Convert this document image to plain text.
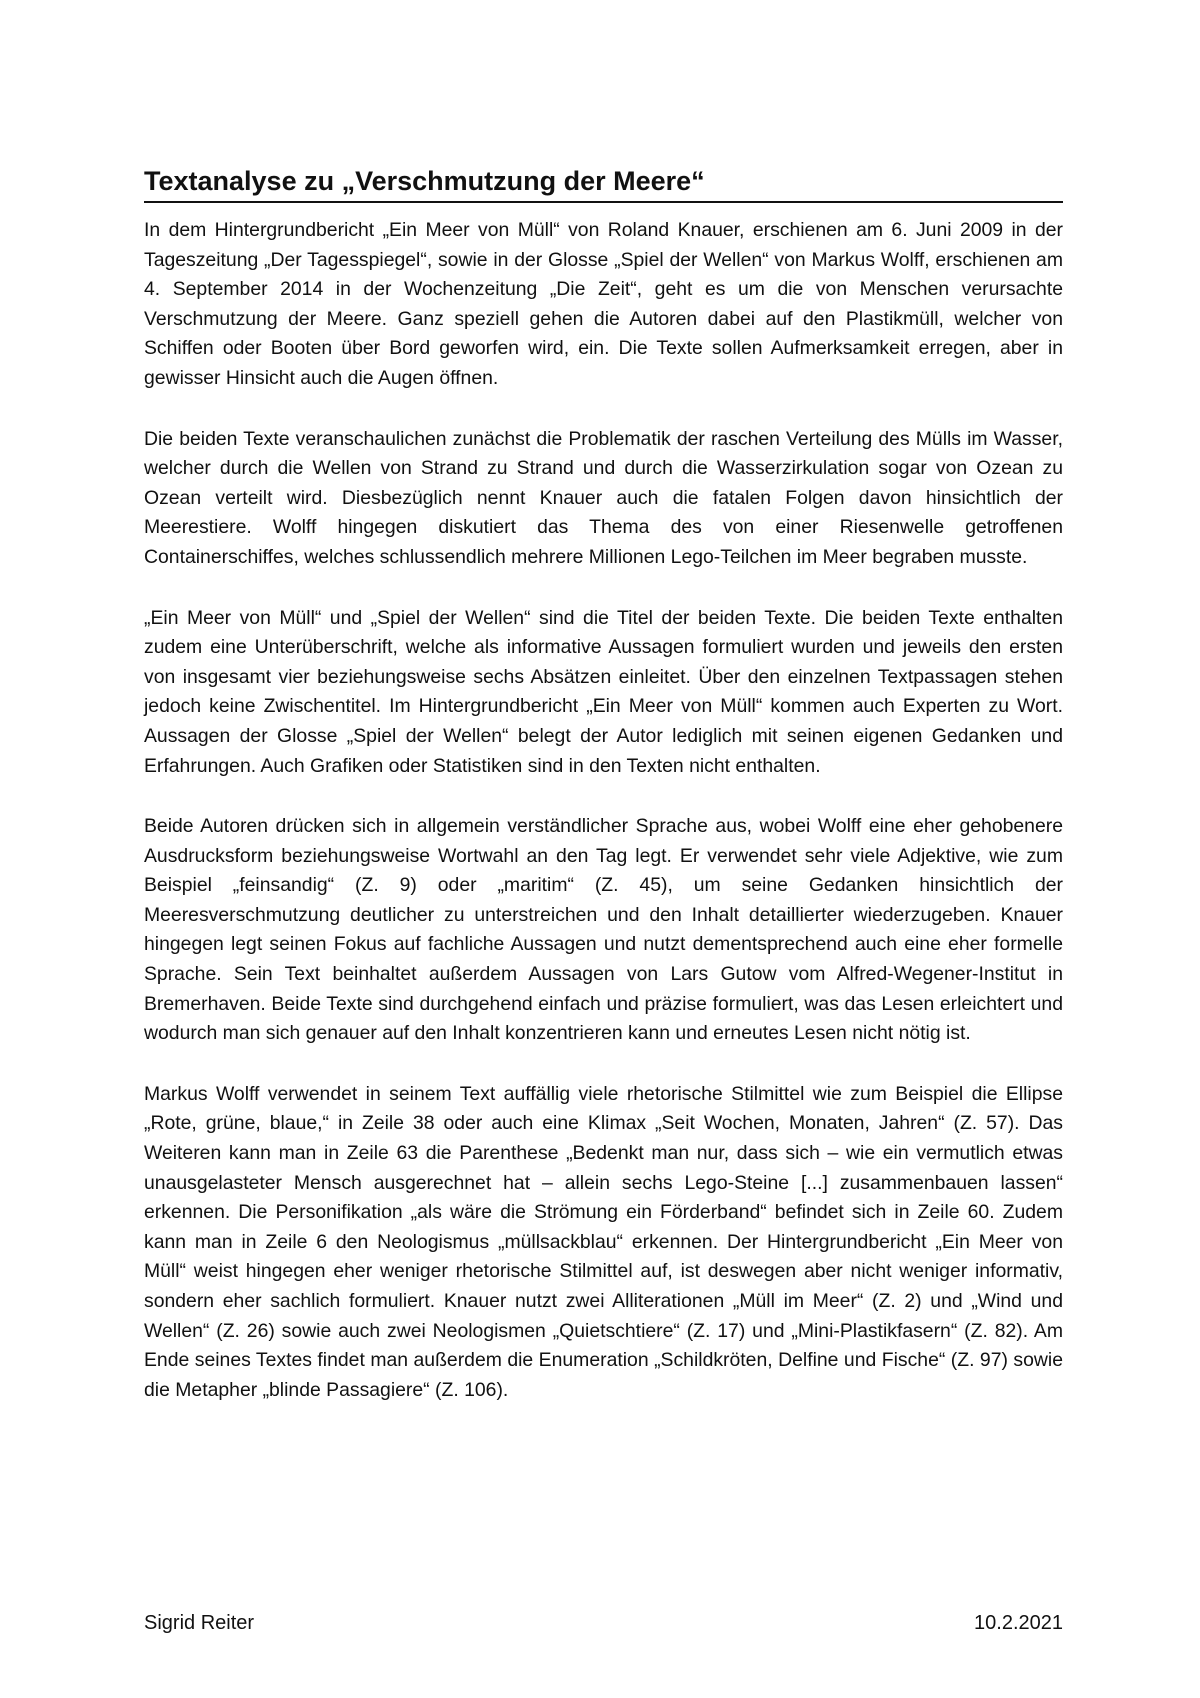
Textanalyse zu „Verschmutzung der Meere“

In dem Hintergrundbericht „Ein Meer von Müll“ von Roland Knauer, erschienen am 6. Juni 2009 in der Tageszeitung „Der Tagesspiegel“, sowie in der Glosse „Spiel der Wellen“ von Markus Wolff, erschienen am 4. September 2014 in der Wochenzeitung „Die Zeit“, geht es um die von Menschen verursachte Verschmutzung der Meere. Ganz speziell gehen die Autoren dabei auf den Plastikmüll, welcher von Schiffen oder Booten über Bord geworfen wird, ein. Die Texte sollen Aufmerksamkeit erregen, aber in gewisser Hinsicht auch die Augen öffnen.

Die beiden Texte veranschaulichen zunächst die Problematik der raschen Verteilung des Mülls im Wasser, welcher durch die Wellen von Strand zu Strand und durch die Wasserzirkulation sogar von Ozean zu Ozean verteilt wird. Diesbezüglich nennt Knauer auch die fatalen Folgen davon hinsichtlich der Meerestiere. Wolff hingegen diskutiert das Thema des von einer Riesenwelle getroffenen Containerschiffes, welches schlussendlich mehrere Millionen Lego-Teilchen im Meer begraben musste.

„Ein Meer von Müll“ und „Spiel der Wellen“ sind die Titel der beiden Texte. Die beiden Texte enthalten zudem eine Unterüberschrift, welche als informative Aussagen formuliert wurden und jeweils den ersten von insgesamt vier beziehungsweise sechs Absätzen einleitet. Über den einzelnen Textpassagen stehen jedoch keine Zwischentitel. Im Hintergrundbericht „Ein Meer von Müll“ kommen auch Experten zu Wort. Aussagen der Glosse „Spiel der Wellen“ belegt der Autor lediglich mit seinen eigenen Gedanken und Erfahrungen. Auch Grafiken oder Statistiken sind in den Texten nicht enthalten.

Beide Autoren drücken sich in allgemein verständlicher Sprache aus, wobei Wolff eine eher gehobenere Ausdrucksform beziehungsweise Wortwahl an den Tag legt. Er verwendet sehr viele Adjektive, wie zum Beispiel „feinsandig“ (Z. 9) oder „maritim“ (Z. 45), um seine Gedanken hinsichtlich der Meeresverschmutzung deutlicher zu unterstreichen und den Inhalt detaillierter wiederzugeben. Knauer hingegen legt seinen Fokus auf fachliche Aussagen und nutzt dementsprechend auch eine eher formelle Sprache. Sein Text beinhaltet außerdem Aussagen von Lars Gutow vom Alfred-Wegener-Institut in Bremerhaven. Beide Texte sind durchgehend einfach und präzise formuliert, was das Lesen erleichtert und wodurch man sich genauer auf den Inhalt konzentrieren kann und erneutes Lesen nicht nötig ist.

Markus Wolff verwendet in seinem Text auffällig viele rhetorische Stilmittel wie zum Beispiel die Ellipse „Rote, grüne, blaue,“ in Zeile 38 oder auch eine Klimax „Seit Wochen, Monaten, Jahren“ (Z. 57). Das Weiteren kann man in Zeile 63 die Parenthese „Bedenkt man nur, dass sich – wie ein vermutlich etwas unausgelasteter Mensch ausgerechnet hat – allein sechs Lego-Steine [...] zusammenbauen lassen“ erkennen. Die Personifikation „als wäre die Strömung ein Förderband“ befindet sich in Zeile 60. Zudem kann man in Zeile 6 den Neologismus „müllsackblau“ erkennen. Der Hintergrundbericht „Ein Meer von Müll“ weist hingegen eher weniger rhetorische Stilmittel auf, ist deswegen aber nicht weniger informativ, sondern eher sachlich formuliert. Knauer nutzt zwei Alliterationen „Müll im Meer“ (Z. 2) und „Wind und Wellen“ (Z. 26) sowie auch zwei Neologismen „Quietschtiere“ (Z. 17) und „Mini-Plastikfasern“ (Z. 82). Am Ende seines Textes findet man außerdem die Enumeration „Schildkröten, Delfine und Fische“ (Z. 97) sowie die Metapher „blinde Passagiere“ (Z. 106).

Sigrid Reiter	10.2.2021
